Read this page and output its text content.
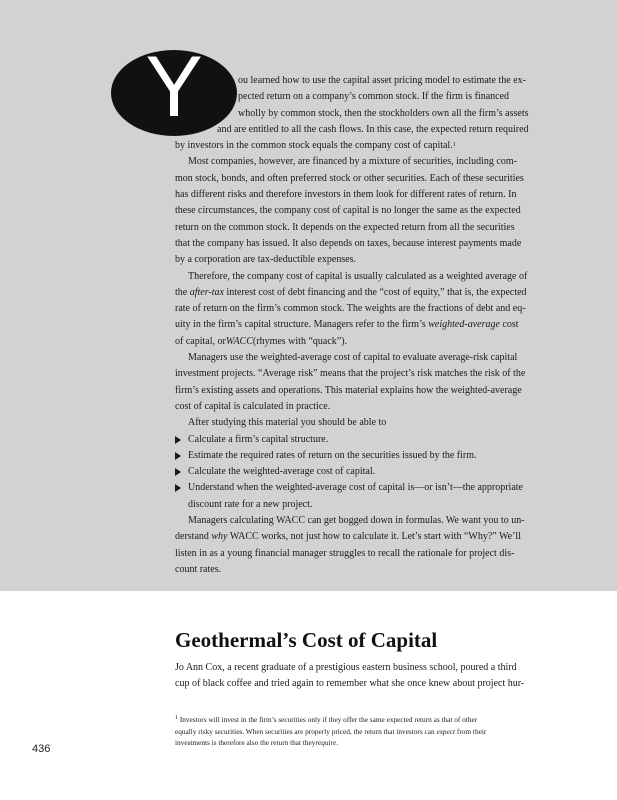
Y	ou learned how to use the capital asset pricing model to estimate the ex-
pected return on a company’s common stock. If the firm is financed
wholly by common stock, then the stockholders own all the firm’s assets
and are entitled to all the cash flows. In this case, the expected return required
by investors in the common stock equals the company cost of capital.$^1$
Most companies, however, are financed by a mixture of securities, including com-
mon stock, bonds, and often preferred stock or other securities. Each of these securities
has different risks and therefore investors in them look for different rates of return. In
these circumstances, the company cost of capital is no longer the same as the expected
return on the common stock. It depends on the expected return from all the securities
that the company has issued. It also depends on taxes, because interest payments made
by a corporation are tax-deductible expenses.
Therefore, the company cost of capital is usually calculated as a weighted average of
the after-tax interest cost of debt financing and the “cost of equity,” that is, the expected
rate of return on the firm’s common stock. The weights are the fractions of debt and eq-
uity in the firm’s capital structure. Managers refer to the firm’s weighted-average cost
of capital, or WACC (rhymes with “quack”).
Managers use the weighted-average cost of capital to evaluate average-risk capital
investment projects. “Average risk” means that the project’s risk matches the risk of the
firm’s existing assets and operations. This material explains how the weighted-average
cost of capital is calculated in practice.
After studying this material you should be able to
Calculate a firm’s capital structure.
Estimate the required rates of return on the securities issued by the firm.
Calculate the weighted-average cost of capital.
Understand when the weighted-average cost of capital is—or isn’t—the appropriate
discount rate for a new project.
Managers calculating WACC can get bogged down in formulas. We want you to un-
derstand why WACC works, not just how to calculate it. Let’s start with “Why?” We’ll
listen in as a young financial manager struggles to recall the rationale for project dis-
count rates.
Geothermal’s Cost of Capital
Jo Ann Cox, a recent graduate of a prestigious eastern business school, poured a third
cup of black coffee and tried again to remember what she once knew about project hur-
$^1$ Investors will invest in the firm’s securities only if they offer the same expected return as that of other
equally risky securities. When securities are properly priced, the return that investors can expect from their
investments is therefore also the return that they require .
436
